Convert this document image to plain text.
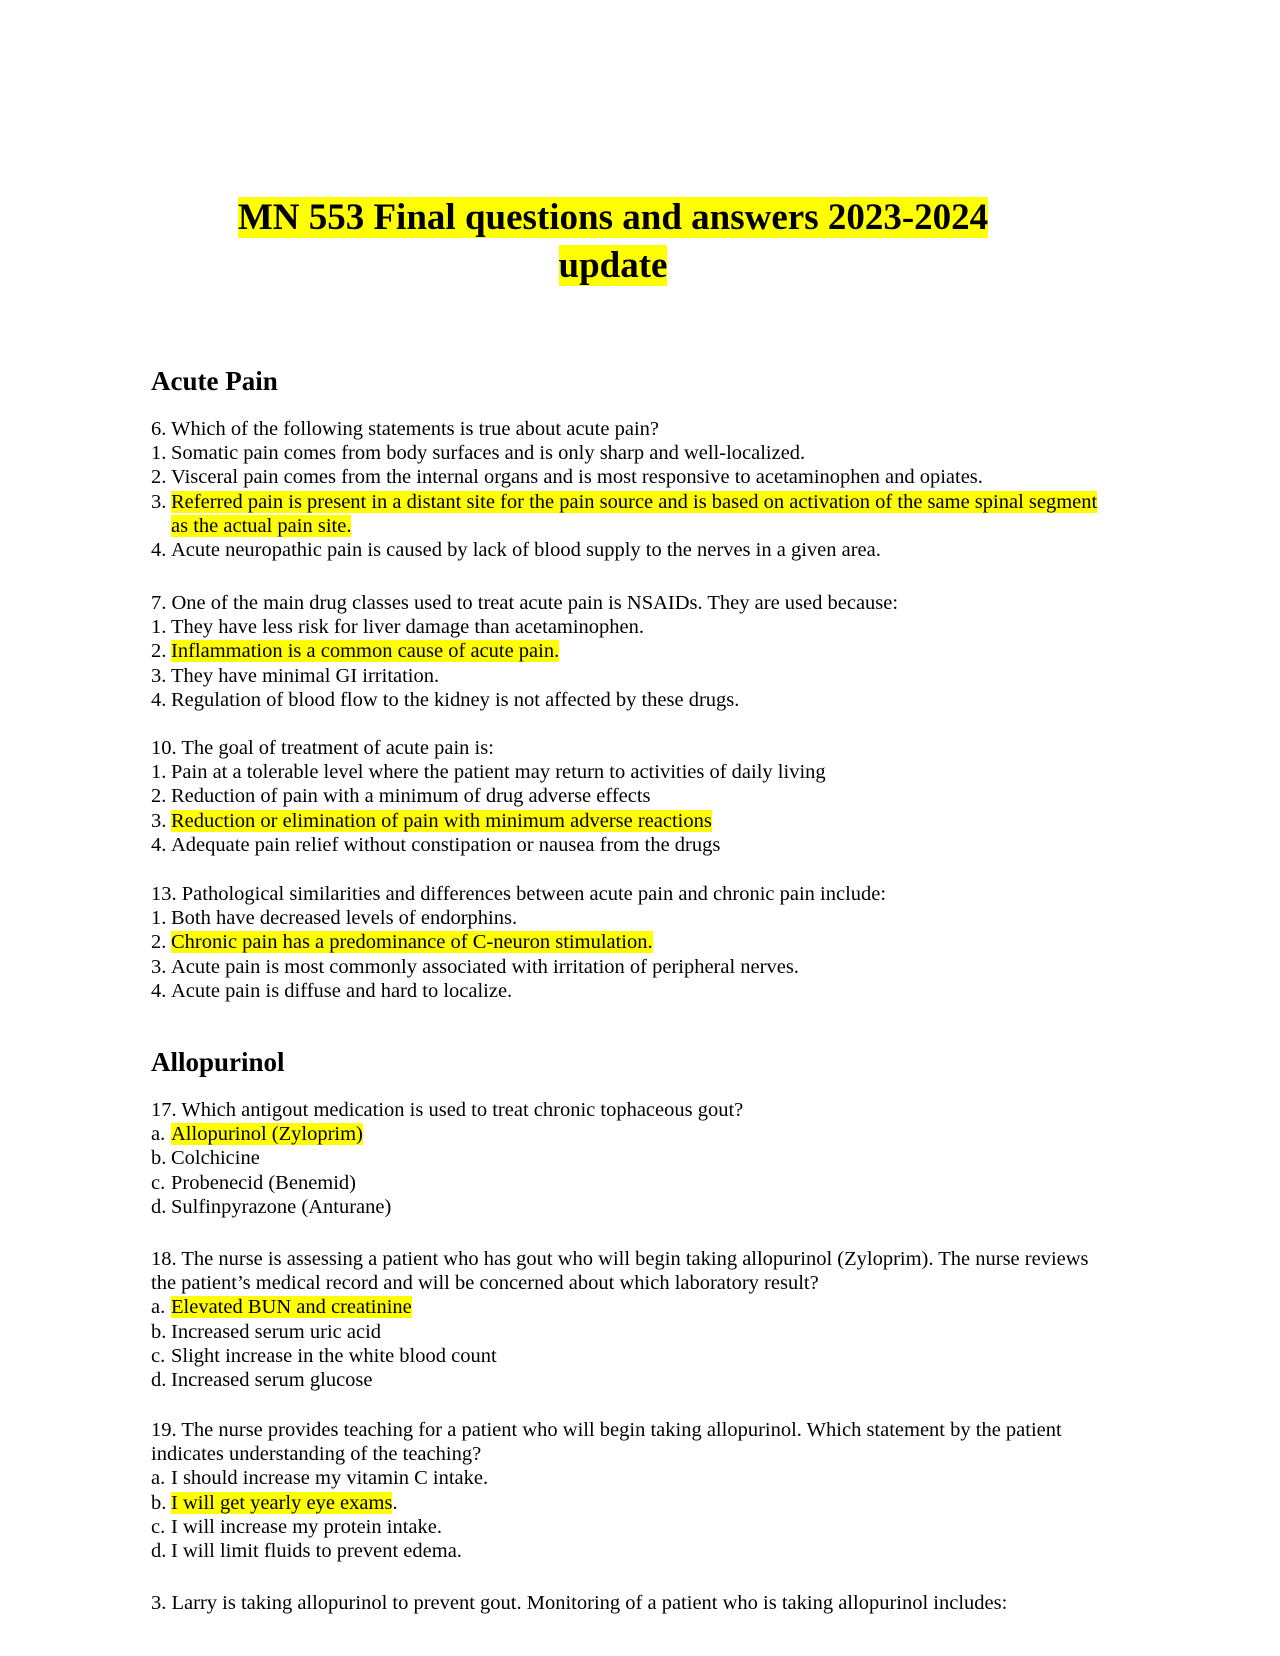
MN 553 Final questions and answers 2023-2024
update
Acute Pain

6. Which of the following statements is true about acute pain?

1. Somatic pain comes from body surfaces and is only sharp and well-localized.
2. Visceral pain comes from the internal organs and is most responsive to acetaminophen and opiates.
3. Referred pain is present in a distant site for the pain source and is based on activation of the same spinal segment as the actual pain site.
4. Acute neuropathic pain is caused by lack of blood supply to the nerves in a given area.

7. One of the main drug classes used to treat acute pain is NSAIDs. They are used because:

1. They have less risk for liver damage than acetaminophen.
2. Inflammation is a common cause of acute pain.
3. They have minimal GI irritation.
4. Regulation of blood flow to the kidney is not affected by these drugs.

10. The goal of treatment of acute pain is:

1. Pain at a tolerable level where the patient may return to activities of daily living
2. Reduction of pain with a minimum of drug adverse effects
3. Reduction or elimination of pain with minimum adverse reactions
4. Adequate pain relief without constipation or nausea from the drugs

13. Pathological similarities and differences between acute pain and chronic pain include:

1. Both have decreased levels of endorphins.
2. Chronic pain has a predominance of C-neuron stimulation.
3. Acute pain is most commonly associated with irritation of peripheral nerves.
4. Acute pain is diffuse and hard to localize.
Allopurinol

17. Which antigout medication is used to treat chronic tophaceous gout?

a. Allopurinol (Zyloprim)
b. Colchicine
c. Probenecid (Benemid)
d. Sulfinpyrazone (Anturane)

18. The nurse is assessing a patient who has gout who will begin taking allopurinol (Zyloprim). The nurse reviews the patient’s medical record and will be concerned about which laboratory result?

a. Elevated BUN and creatinine
b. Increased serum uric acid
c. Slight increase in the white blood count
d. Increased serum glucose

19. The nurse provides teaching for a patient who will begin taking allopurinol. Which statement by the patient indicates understanding of the teaching?

a. I should increase my vitamin C intake.
b. I will get yearly eye exams.
c. I will increase my protein intake.
d. I will limit fluids to prevent edema.

3. Larry is taking allopurinol to prevent gout. Monitoring of a patient who is taking allopurinol includes:
